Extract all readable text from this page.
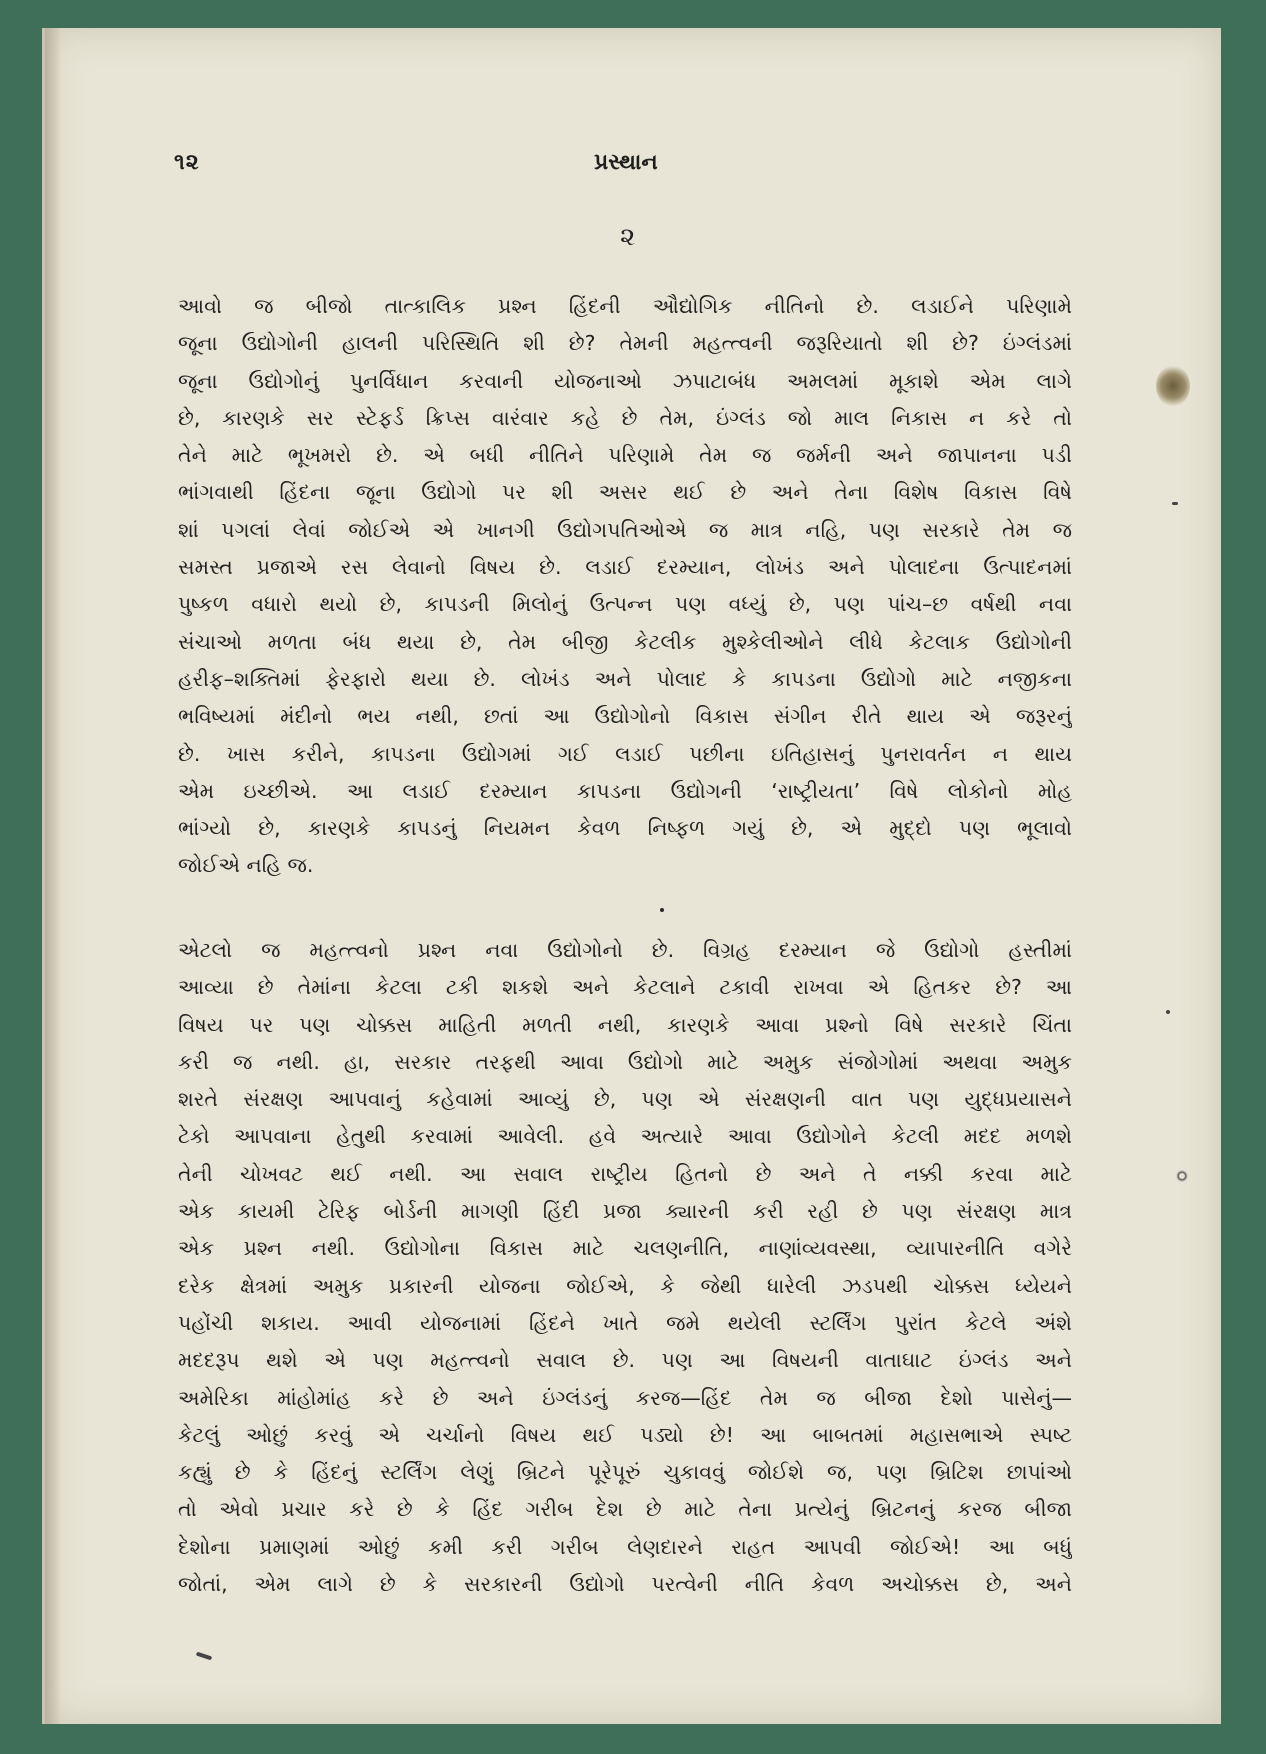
૧૨	પ્રસ્થાન
૨
આવો જ બીજો તાત્કાલિક પ્રશ્ન હિંદની ઔદ્યોગિક નીતિનો છે. લડાઈને પરિણામે
જૂના ઉદ્યોગોની હાલની પરિસ્થિતિ શી છે? તેમની મહત્ત્વની જરૂરિયાતો શી છે? ઇંગ્લંડમાં
જૂના ઉદ્યોગોનું પુનર્વિધાન કરવાની યોજનાઓ ઝપાટાબંધ અમલમાં મૂકાશે એમ લાગે
છે, કારણકે સર સ્ટેફર્ડ ક્રિપ્સ વારંવાર કહે છે તેમ, ઇંગ્લંડ જો માલ નિકાસ ન કરે તો
તેને માટે ભૂખમરો છે. એ બધી નીતિને પરિણામે તેમ જ જર્મની અને જાપાનના પડી
ભાંગવાથી હિંદના જૂના ઉદ્યોગો પર શી અસર થઈ છે અને તેના વિશેષ વિકાસ વિષે
શાં પગલાં લેવાં જોઈએ એ ખાનગી ઉદ્યોગપતિઓએ જ માત્ર નહિ, પણ સરકારે તેમ જ
સમસ્ત પ્રજાએ રસ લેવાનો વિષય છે. લડાઈ દરમ્યાન, લોખંડ અને પોલાદના ઉત્પાદનમાં
પુષ્કળ વધારો થયો છે, કાપડની મિલોનું ઉત્પન્ન પણ વધ્યું છે, પણ પાંચ–છ વર્ષથી નવા
સંચાઓ મળતા બંધ થયા છે, તેમ બીજી કેટલીક મુશ્કેલીઓને લીધે કેટલાક ઉદ્યોગોની
હરીફ–શક્તિમાં ફેરફારો થયા છે. લોખંડ અને પોલાદ કે કાપડના ઉદ્યોગો માટે નજીકના
ભવિષ્યમાં મંદીનો ભય નથી, છતાં આ ઉદ્યોગોનો વિકાસ સંગીન રીતે થાય એ જરૂરનું
છે. ખાસ કરીને, કાપડના ઉદ્યોગમાં ગઈ લડાઈ પછીના ઇતિહાસનું પુનરાવર્તન ન થાય
એમ ઇચ્છીએ. આ લડાઈ દરમ્યાન કાપડના ઉદ્યોગની ‘રાષ્ટ્રીયતા’ વિષે લોકોનો મોહ
ભાંગ્યો છે, કારણકે કાપડનું નિયમન કેવળ નિષ્ફળ ગયું છે, એ મુદ્દો પણ ભૂલાવો
જોઈએ નહિ જ.
એટલો જ મહત્ત્વનો પ્રશ્ન નવા ઉદ્યોગોનો છે. વિગ્રહ દરમ્યાન જે ઉદ્યોગો હસ્તીમાં
આવ્યા છે તેમાંના કેટલા ટકી શકશે અને કેટલાને ટકાવી રાખવા એ હિતકર છે? આ
વિષય પર પણ ચોક્કસ માહિતી મળતી નથી, કારણકે આવા પ્રશ્નો વિષે સરકારે ચિંતા
કરી જ નથી. હા, સરકાર તરફથી આવા ઉદ્યોગો માટે અમુક સંજોગોમાં અથવા અમુક
શરતે સંરક્ષણ આપવાનું કહેવામાં આવ્યું છે, પણ એ સંરક્ષણની વાત પણ યુદ્ધપ્રયાસને
ટેકો આપવાના હેતુથી કરવામાં આવેલી. હવે અત્યારે આવા ઉદ્યોગોને કેટલી મદદ મળશે
તેની ચોખવટ થઈ નથી. આ સવાલ રાષ્ટ્રીય હિતનો છે અને તે નક્કી કરવા માટે
એક કાયમી ટેરિફ બોર્ડની માગણી હિંદી પ્રજા ક્યારની કરી રહી છે પણ સંરક્ષણ માત્ર
એક પ્રશ્ન નથી. ઉદ્યોગોના વિકાસ માટે ચલણનીતિ, નાણાંવ્યવસ્થા, વ્યાપારનીતિ વગેરે
દરેક ક્ષેત્રમાં અમુક પ્રકારની યોજના જોઈએ, કે જેથી ધારેલી ઝડપથી ચોક્કસ ધ્યેયને
પહોંચી શકાય. આવી યોજનામાં હિંદને ખાતે જમે થયેલી સ્ટર્લિંગ પુરાંત કેટલે અંશે
મદદરૂપ થશે એ પણ મહત્ત્વનો સવાલ છે. પણ આ વિષયની વાતાઘાટ ઇંગ્લંડ અને
અમેરિકા માંહોમાંહ કરે છે અને ઇંગ્લંડનું કરજ—હિંદ તેમ જ બીજા દેશો પાસેનું—
કેટલું ઓછું કરવું એ ચર્ચાનો વિષય થઈ પડ્યો છે! આ બાબતમાં મહાસભાએ સ્પષ્ટ
કહ્યું છે કે હિંદનું સ્ટર્લિંગ લેણું બ્રિટને પૂરેપૂરું ચુકાવવું જોઈશે જ, પણ બ્રિટિશ છાપાંઓ
તો એવો પ્રચાર કરે છે કે હિંદ ગરીબ દેશ છે માટે તેના પ્રત્યેનું બ્રિટનનું કરજ બીજા
દેશોના પ્રમાણમાં ઓછું કમી કરી ગરીબ લેણદારને રાહત આપવી જોઈએ! આ બધું
જોતાં, એમ લાગે છે કે સરકારની ઉદ્યોગો પરત્વેની નીતિ કેવળ અચોક્કસ છે, અને
